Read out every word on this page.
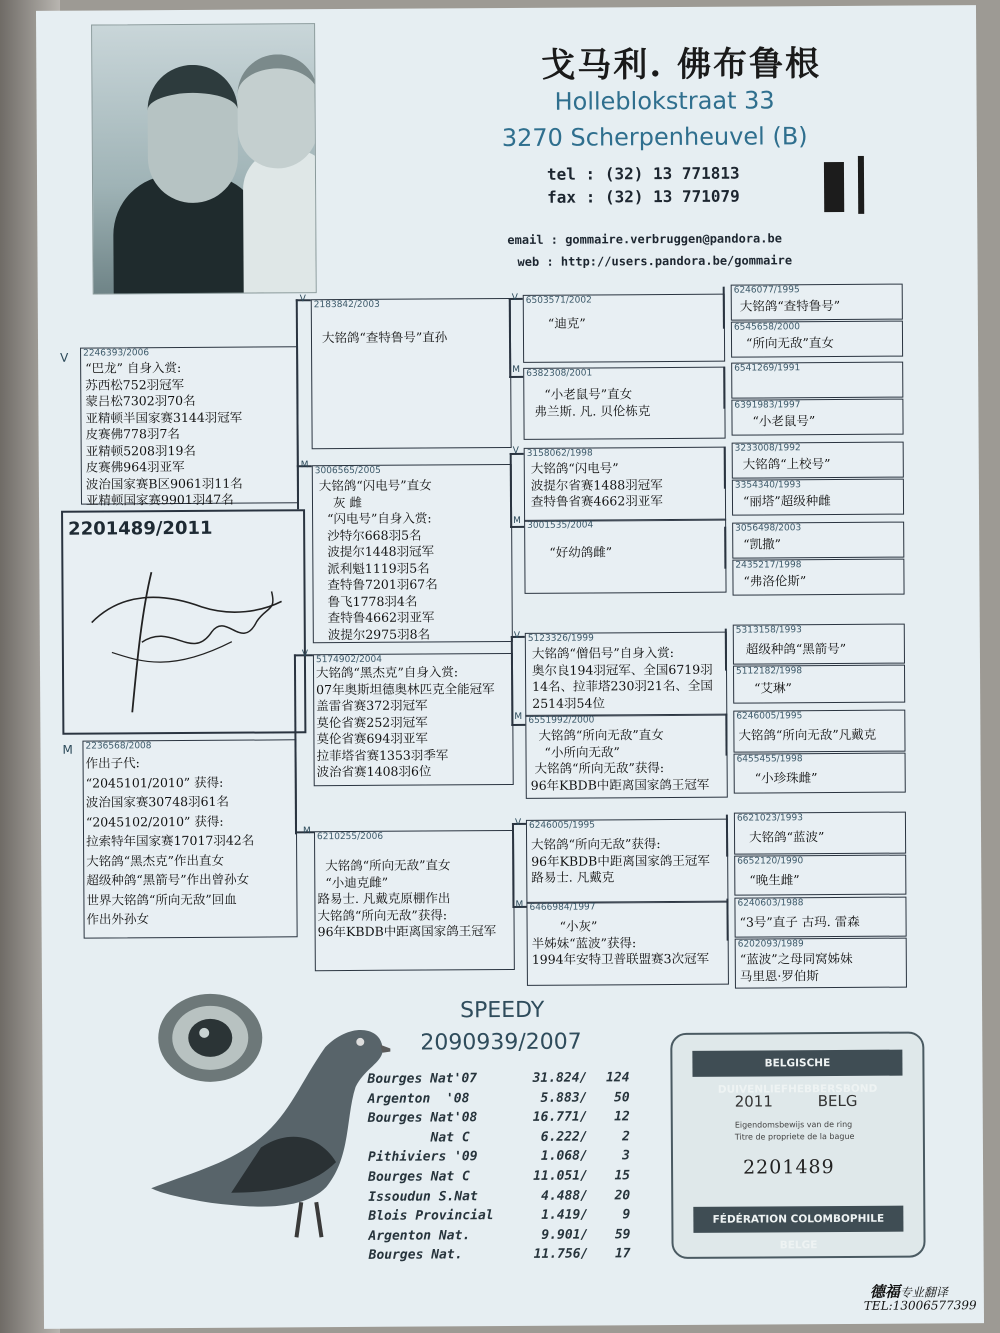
戈马利. 佛布鲁根
Holleblokstraat 33
3270 Scherpenheuvel (B)
tel : (32) 13 771813
fax : (32) 13 771079
email : gommaire.verbruggen@pandora.be
web : http://users.pandora.be/gommaire
2201489/2011
V 2246393/2006
“巴龙” 自身入赏:
苏西松752羽冠军
蒙吕松7302羽70名
亚精顿半国家赛3144羽冠军
皮赛佛778羽7名
亚精顿5208羽19名
皮赛佛964羽亚军
波治国家赛B区9061羽11名
亚精顿国家赛9901羽47名
M 2236568/2008
作出子代:
“2045101/2010” 获得:
波治国家赛30748羽61名
“2045102/2010” 获得:
拉索特年国家赛17017羽42名
大铭鸽“黑杰克”作出直女
超级种鸽“黑箭号”作出曾孙女
世界大铭鸽“所向无敌”回血
作出外孙女
V
2183842/2003
大铭鸽“查特鲁号”直孙
M
3006565/2005
大铭鸽“闪电号”直女
灰 雌
“闪电号”自身入赏:
沙特尔668羽5名
波提尔1448羽冠军
派利魁1119羽5名
查特鲁7201羽67名
鲁飞1778羽4名
查特鲁4662羽亚军
波提尔2975羽8名
V
5174902/2004
大铭鸽“黑杰克”自身入赏:
07年奥斯坦德奥林匹克全能冠军
盖雷省赛372羽冠军
莫伦省赛252羽冠军
莫伦省赛694羽亚军
拉菲塔省赛1353羽季军
波治省赛1408羽6位
M
6210255/2006
大铭鸽“所向无敌”直女
“小迪克雌”
路易士. 凡戴克原棚作出
大铭鸽“所向无敌”获得:
96年KBDB中距离国家鸽王冠军
V 6503571/2002
“迪克”
M 6382308/2001
“小老鼠号”直女
弗兰斯. 凡. 贝伦栋克
V 3158062/1998
大铭鸽“闪电号”
波提尔省赛1488羽冠军
查特鲁省赛4662羽亚军
M 3001535/2004
“好幼鸽雌”
V 5123326/1999
大铭鸽“僧侣号”自身入赏:
奥尔良194羽冠军、全国6719羽
14名、拉菲塔230羽21名、全国
2514羽54位
M 6551992/2000
大铭鸽“所向无敌”直女
“小所向无敌”
大铭鸽“所向无敌”获得:
96年KBDB中距离国家鸽王冠军
V 6246005/1995
大铭鸽“所向无敌”获得:
96年KBDB中距离国家鸽王冠军
路易士. 凡戴克
M 6466984/1997
“小灰”
半姊妹“蓝波”获得:
1994年安特卫普联盟赛3次冠军
6246077/1995
大铭鸽“查特鲁号”
6545658/2000
“所向无敌”直女
6541269/1991
6391983/1997
“小老鼠号”
3233008/1992
大铭鸽“上校号”
3354340/1993
“丽塔”超级种雌
3056498/2003
“凯撒”
2435217/1998
“弗洛伦斯”
5313158/1993
超级种鸽“黑箭号”
5112182/1998
“艾琳”
6246005/1995
大铭鸽“所向无敌”凡戴克
6455455/1998
“小珍珠雌”
6621023/1993
大铭鸽“蓝波”
6652120/1990
“晚生雌”
6240603/1988
“3号”直子 古玛. 雷森
6202093/1989
“蓝波”之母同窝姊妹
马里恩·罗伯斯
SPEEDY
2090939/2007
Bourges Nat'07	31.824 /	124
Argenton  '08	5.883 /	50
Bourges Nat'08	16.771 /	12
Nat C	6.222 /	2
Pithiviers '09	1.068 /	3
Bourges Nat C	11.051 /	15
Issoudun S.Nat	4.488 /	20
Blois Provincial	1.419 /	9
Argenton Nat.	9.901 /	59
Bourges Nat.	11.756 /	17
BELGISCHE DUIVENLIEFHEBBERSBOND
2011	BELG
Eigendomsbewijs van de ring
Titre de propriete de la bague
2201489
FÉDÉRATION COLOMBOPHILE BELGE
德福专业翻译
TEL:13006577399
